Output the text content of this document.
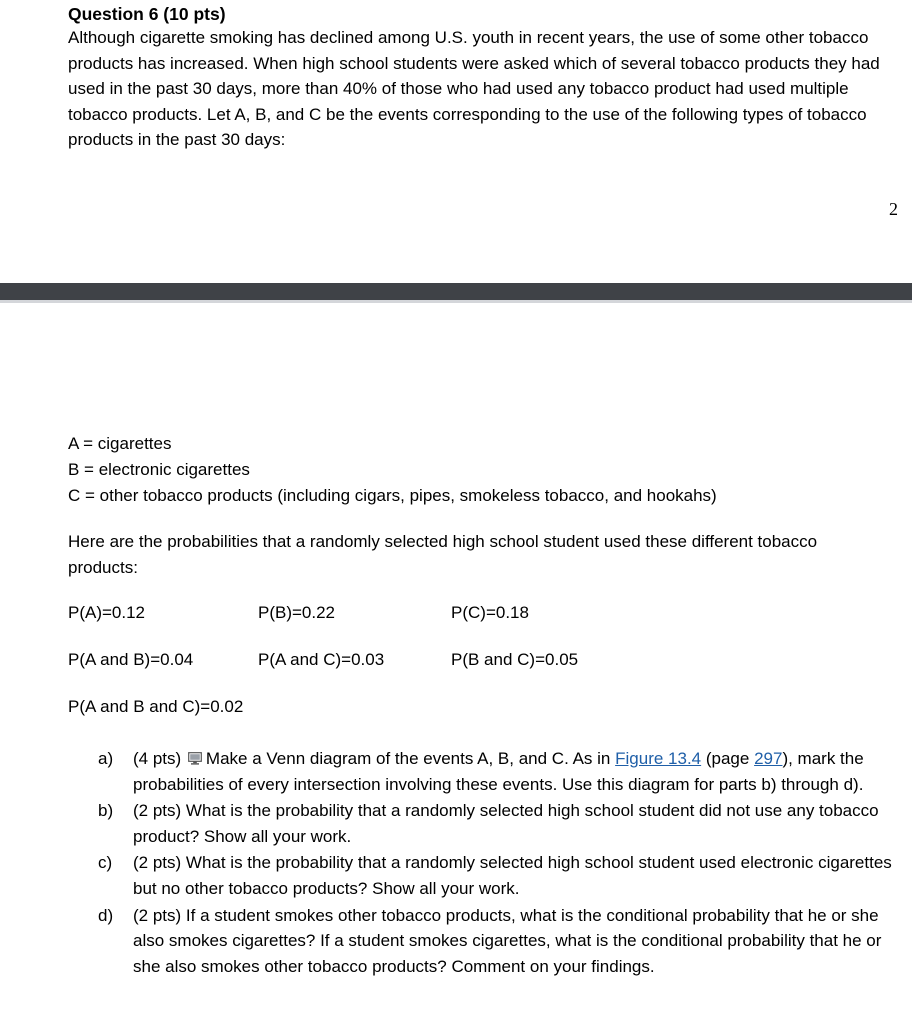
Question 6 (10 pts)

Although cigarette smoking has declined among U.S. youth in recent years, the use of some other tobacco products has increased. When high school students were asked which of several tobacco products they had used in the past 30 days, more than 40% of those who had used any tobacco product had used multiple tobacco products. Let A, B, and C be the events corresponding to the use of the following types of tobacco products in the past 30 days:

2
A = cigarettes
B = electronic cigarettes
C = other tobacco products (including cigars, pipes, smokeless tobacco, and hookahs)

Here are the probabilities that a randomly selected high school student used these different tobacco products:

P(A)=0.12	P(B)=0.22	P(C)=0.18
P(A and B)=0.04	P(A and C)=0.03	P(B and C)=0.05
P(A and B and C)=0.02
a)	(4 pts) Make a Venn diagram of the events A, B, and C. As in Figure 13.4 (page 297), mark the probabilities of every intersection involving these events. Use this diagram for parts b) through d).
b)	(2 pts) What is the probability that a randomly selected high school student did not use any tobacco product? Show all your work.
c)	(2 pts) What is the probability that a randomly selected high school student used electronic cigarettes but no other tobacco products? Show all your work.
d)	(2 pts) If a student smokes other tobacco products, what is the conditional probability that he or she also smokes cigarettes? If a student smokes cigarettes, what is the conditional probability that he or she also smokes other tobacco products? Comment on your findings.
